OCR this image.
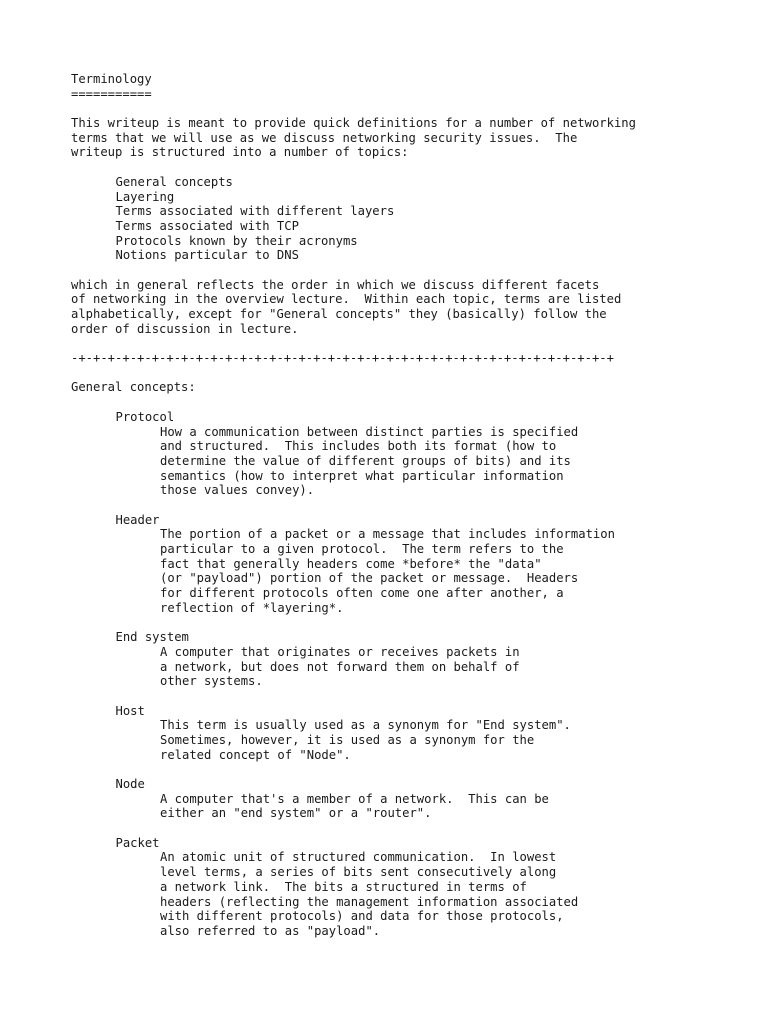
Terminology
===========
This writeup is meant to provide quick definitions for a number of networking
terms that we will use as we discuss networking security issues.  The
writeup is structured into a number of topics:
General concepts
Layering
Terms associated with different layers
Terms associated with TCP
Protocols known by their acronyms
Notions particular to DNS
which in general reflects the order in which we discuss different facets
of networking in the overview lecture.  Within each topic, terms are listed
alphabetically, except for "General concepts" they (basically) follow the
order of discussion in lecture.
-+-+-+-+-+-+-+-+-+-+-+-+-+-+-+-+-+-+-+-+-+-+-+-+-+-+-+-+-+-+-+-+-+-+-+-+-+
General concepts:
Protocol
How a communication between distinct parties is specified
and structured.  This includes both its format (how to
determine the value of different groups of bits) and its
semantics (how to interpret what particular information
those values convey).
Header
The portion of a packet or a message that includes information
particular to a given protocol.  The term refers to the
fact that generally headers come *before* the "data"
(or "payload") portion of the packet or message.  Headers
for different protocols often come one after another, a
reflection of *layering*.
End system
A computer that originates or receives packets in
a network, but does not forward them on behalf of
other systems.
Host
This term is usually used as a synonym for "End system".
Sometimes, however, it is used as a synonym for the
related concept of "Node".
Node
A computer that's a member of a network.  This can be
either an "end system" or a "router".
Packet
An atomic unit of structured communication.  In lowest
level terms, a series of bits sent consecutively along
a network link.  The bits a structured in terms of
headers (reflecting the management information associated
with different protocols) and data for those protocols,
also referred to as "payload".
